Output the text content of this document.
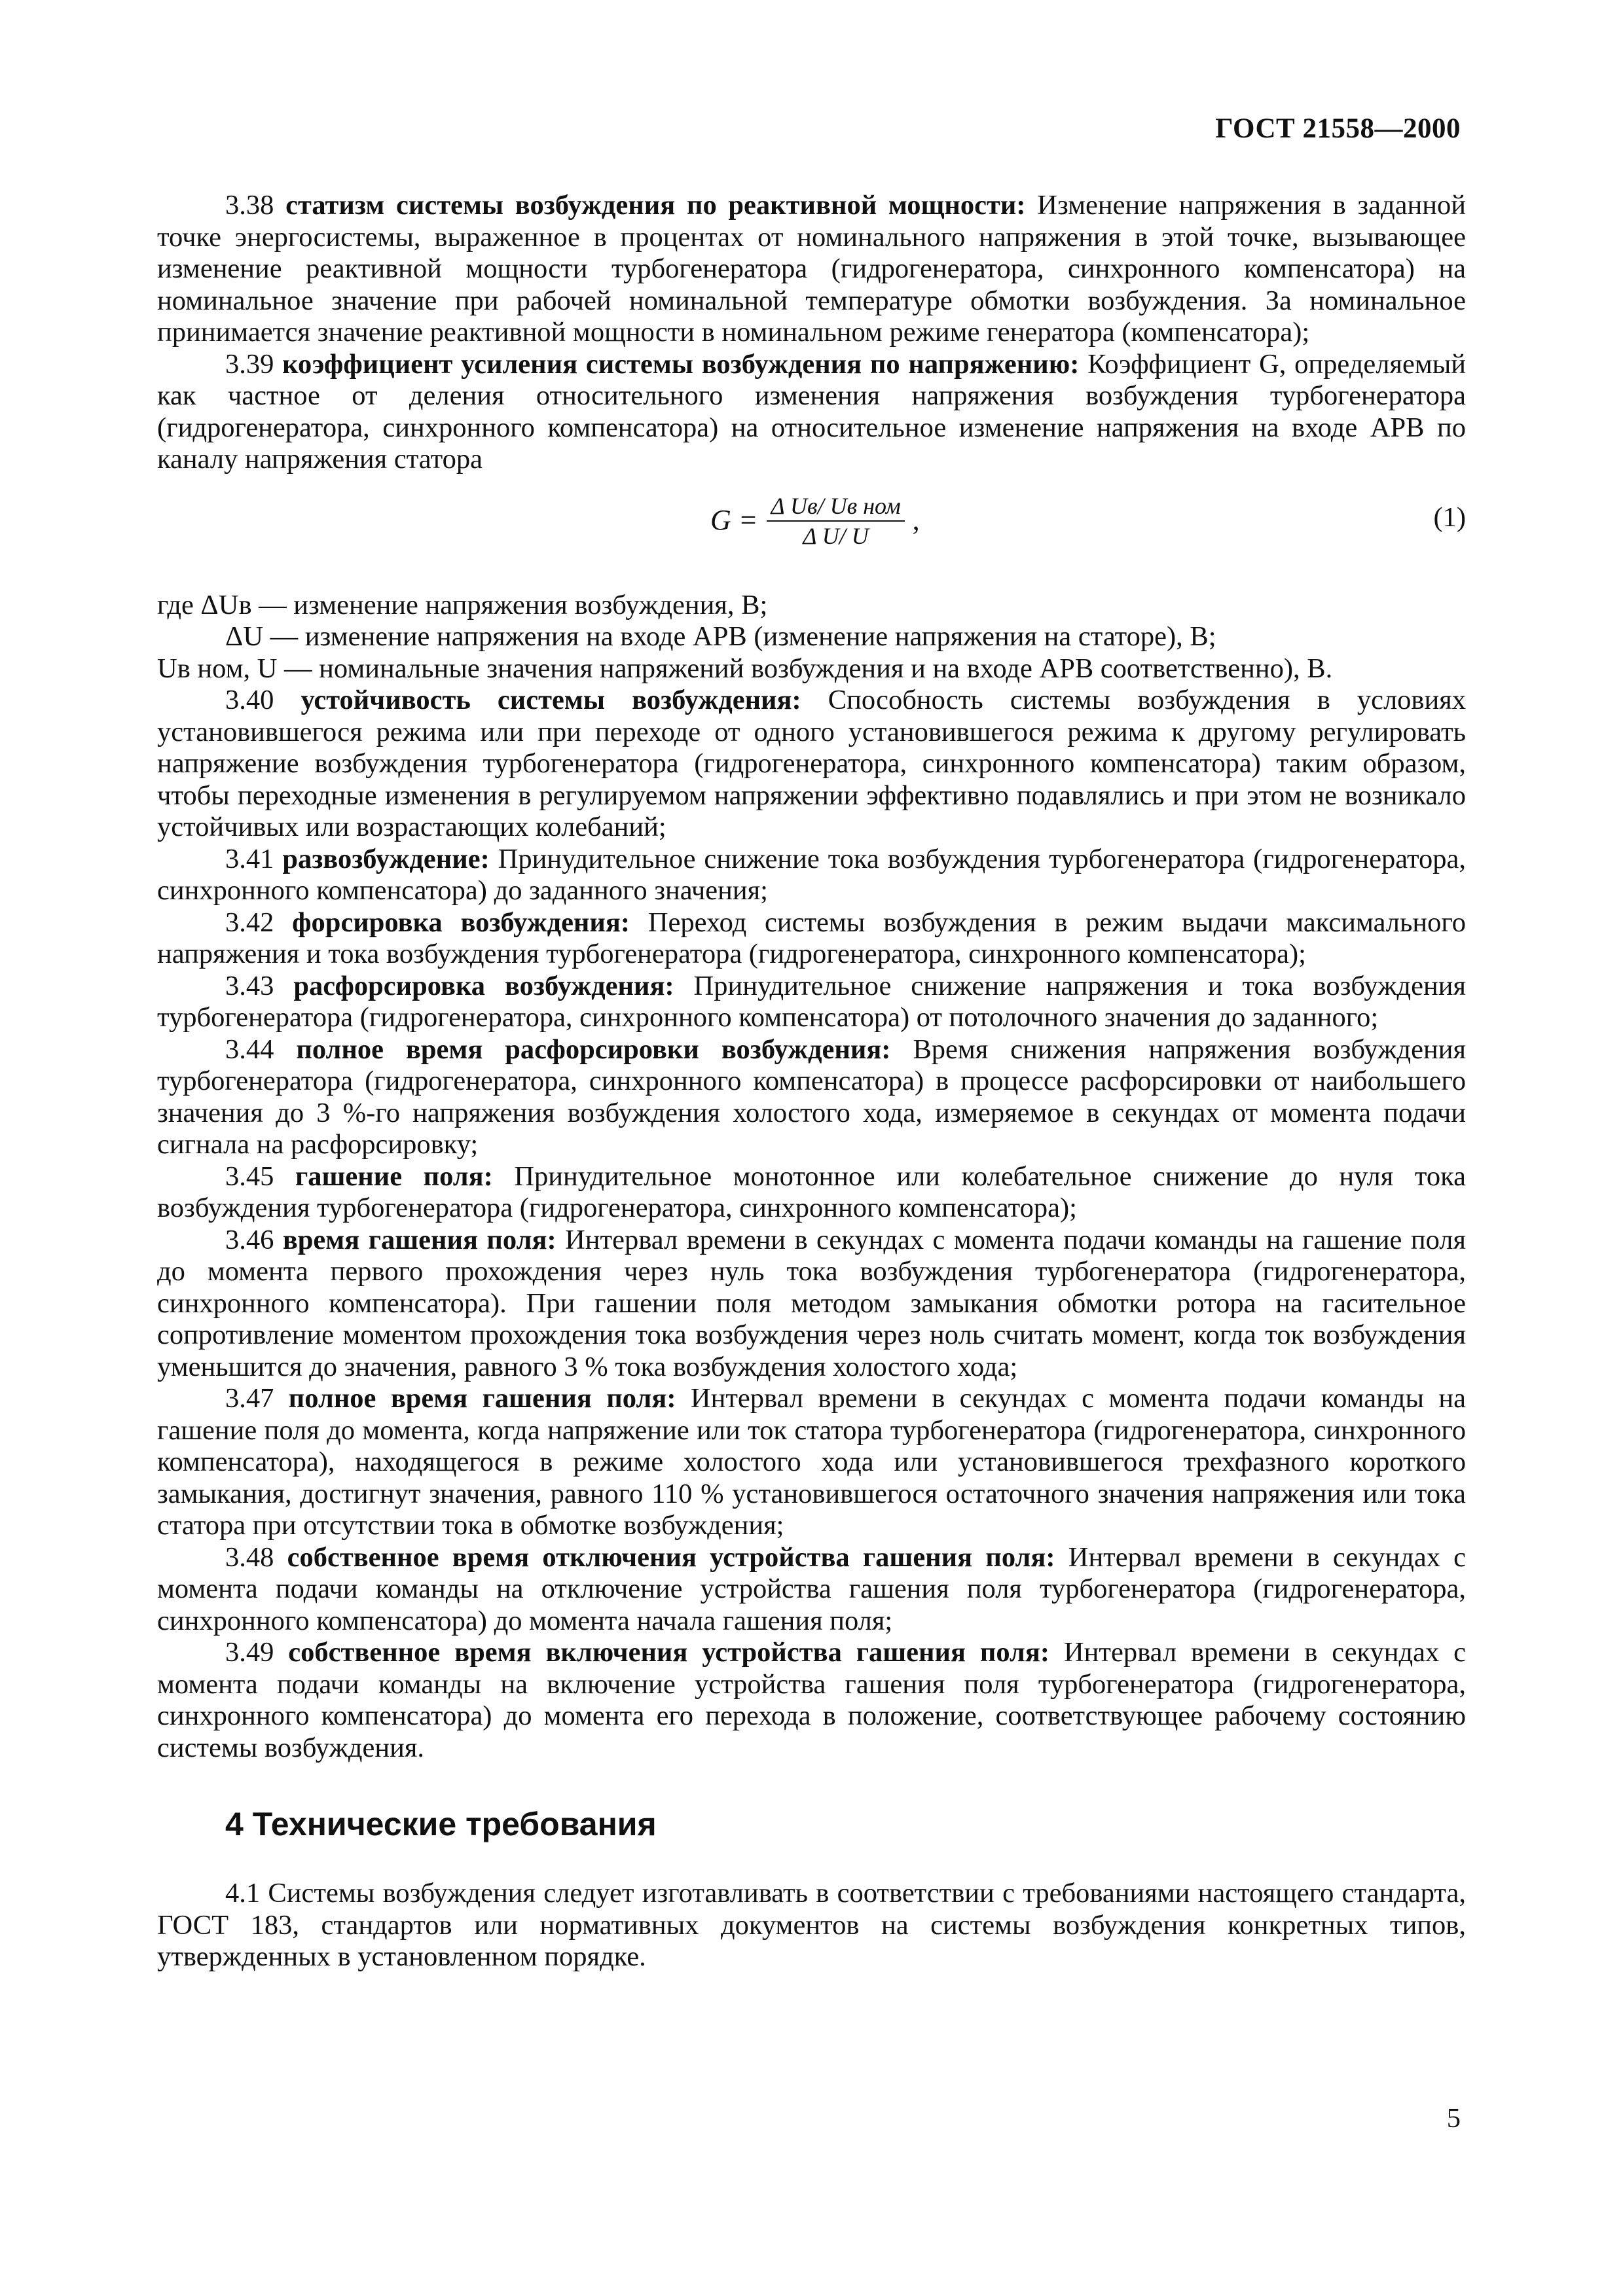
ГОСТ 21558—2000

3.38 статизм системы возбуждения по реактивной мощности: Изменение напряжения в заданной точке энергосистемы, выраженное в процентах от номинального напряжения в этой точке, вызывающее изменение реактивной мощности турбогенератора (гидрогенератора, синхронного компенсатора) на номинальное значение при рабочей номинальной температуре обмотки возбуждения. За номинальное принимается значение реактивной мощности в номинальном режиме генератора (компенсатора);

3.39 коэффициент усиления системы возбуждения по напряжению: Коэффициент G, определяемый как частное от деления относительного изменения напряжения возбуждения турбогенератора (гидрогенератора, синхронного компенсатора) на относительное изменение напряжения на входе АРВ по каналу напряжения статора

$G = \frac{\text{Δ Uв/ Uв ном}}{\text{Δ U/ U}}$ ,	(1)

где ΔUв — изменение напряжения возбуждения, В;
ΔU — изменение напряжения на входе АРВ (изменение напряжения на статоре), В;
Uв ном, U — номинальные значения напряжений возбуждения и на входе АРВ соответственно), В.

3.40 устойчивость системы возбуждения: Способность системы возбуждения в условиях установившегося режима или при переходе от одного установившегося режима к другому регулировать напряжение возбуждения турбогенератора (гидрогенератора, синхронного компенсатора) таким образом, чтобы переходные изменения в регулируемом напряжении эффективно подавлялись и при этом не возникало устойчивых или возрастающих колебаний;

3.41 развозбуждение: Принудительное снижение тока возбуждения турбогенератора (гидрогенератора, синхронного компенсатора) до заданного значения;

3.42 форсировка возбуждения: Переход системы возбуждения в режим выдачи максимального напряжения и тока возбуждения турбогенератора (гидрогенератора, синхронного компенсатора);

3.43 расфорсировка возбуждения: Принудительное снижение напряжения и тока возбуждения турбогенератора (гидрогенератора, синхронного компенсатора) от потолочного значения до заданного;

3.44 полное время расфорсировки возбуждения: Время снижения напряжения возбуждения турбогенератора (гидрогенератора, синхронного компенсатора) в процессе расфорсировки от наибольшего значения до 3 %-го напряжения возбуждения холостого хода, измеряемое в секундах от момента подачи сигнала на расфорсировку;

3.45 гашение поля: Принудительное монотонное или колебательное снижение до нуля тока возбуждения турбогенератора (гидрогенератора, синхронного компенсатора);

3.46 время гашения поля: Интервал времени в секундах с момента подачи команды на гашение поля до момента первого прохождения через нуль тока возбуждения турбогенератора (гидрогенератора, синхронного компенсатора). При гашении поля методом замыкания обмотки ротора на гасительное сопротивление моментом прохождения тока возбуждения через ноль считать момент, когда ток возбуждения уменьшится до значения, равного 3 % тока возбуждения холостого хода;

3.47 полное время гашения поля: Интервал времени в секундах с момента подачи команды на гашение поля до момента, когда напряжение или ток статора турбогенератора (гидрогенератора, синхронного компенсатора), находящегося в режиме холостого хода или установившегося трехфазного короткого замыкания, достигнут значения, равного 110 % установившегося остаточного значения напряжения или тока статора при отсутствии тока в обмотке возбуждения;

3.48 собственное время отключения устройства гашения поля: Интервал времени в секундах с момента подачи команды на отключение устройства гашения поля турбогенератора (гидрогенератора, синхронного компенсатора) до момента начала гашения поля;

3.49 собственное время включения устройства гашения поля: Интервал времени в секундах с момента подачи команды на включение устройства гашения поля турбогенератора (гидрогенератора, синхронного компенсатора) до момента его перехода в положение, соответствующее рабочему состоянию системы возбуждения.

4 Технические требования

4.1 Системы возбуждения следует изготавливать в соответствии с требованиями настоящего стандарта, ГОСТ 183, стандартов или нормативных документов на системы возбуждения конкретных типов, утвержденных в установленном порядке.

5
